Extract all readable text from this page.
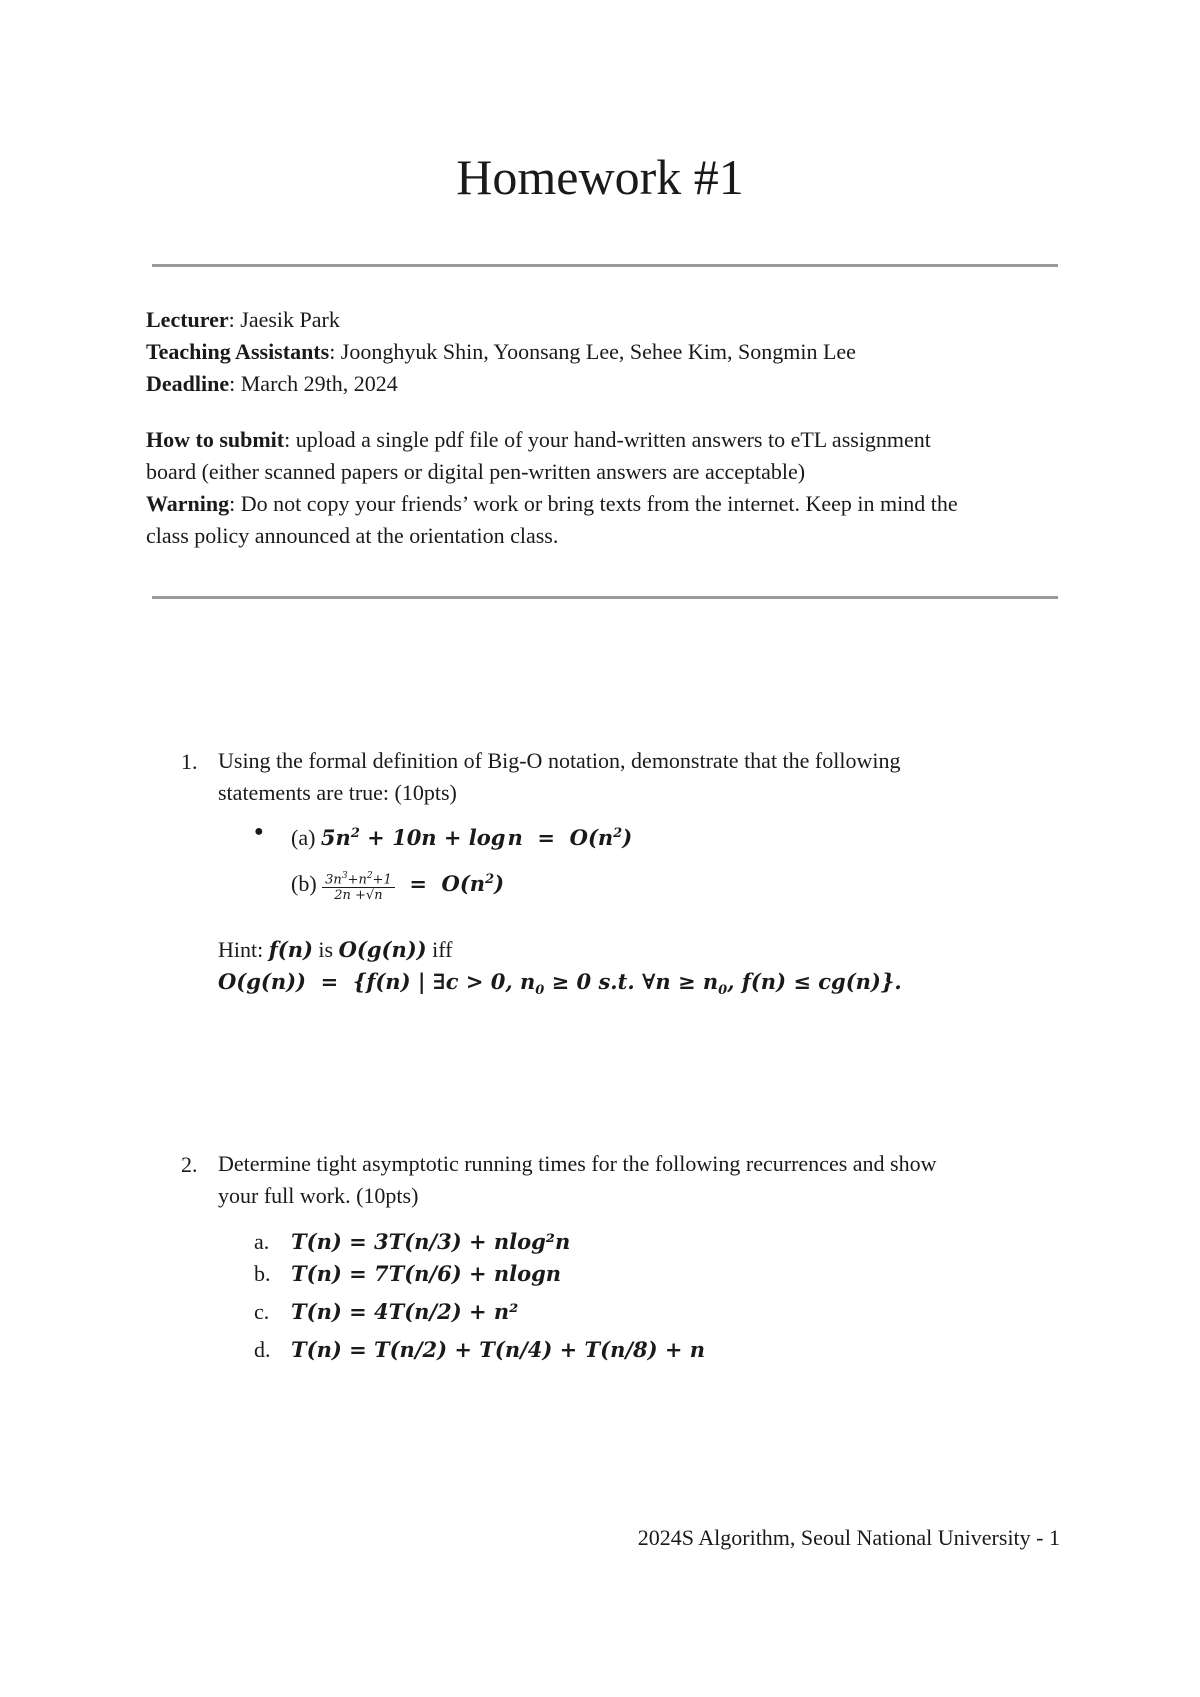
Homework #1
Lecturer: Jaesik Park
Teaching Assistants: Joonghyuk Shin, Yoonsang Lee, Sehee Kim, Songmin Lee
Deadline: March 29th, 2024
How to submit: upload a single pdf file of your hand-written answers to eTL assignment
board (either scanned papers or digital pen-written answers are acceptable)
Warning: Do not copy your friends’ work or bring texts from the internet. Keep in mind the
class policy announced at the orientation class.
1. Using the formal definition of Big-O notation, demonstrate that the following
statements are true: (10pts)
● (a) $5n^2 + 10n + \log$ $n = O(n^2)$
$(b) \frac{3n^3+n^2+1}{2n +√n} = O(n^2)$
Hint: f(n) is O(g(n)) iff
O(g(n))  =  {f(n) | ∃c > 0, $n_0 \ge 0$ s.t. ∀n ≥ $n_0$, f(n) ≤ cg(n)}.
2. Determine tight asymptotic running times for the following recurrences and show
your full work. (10pts)
a. T(n) = 3T(n/3) + nlog²n
b. T(n) = 7T(n/6) + nlogn
c. T(n) = 4T(n/2) + n²
d. T(n) = T(n/2) + T(n/4) + T(n/8) + n
2024S Algorithm, Seoul National University - 1
